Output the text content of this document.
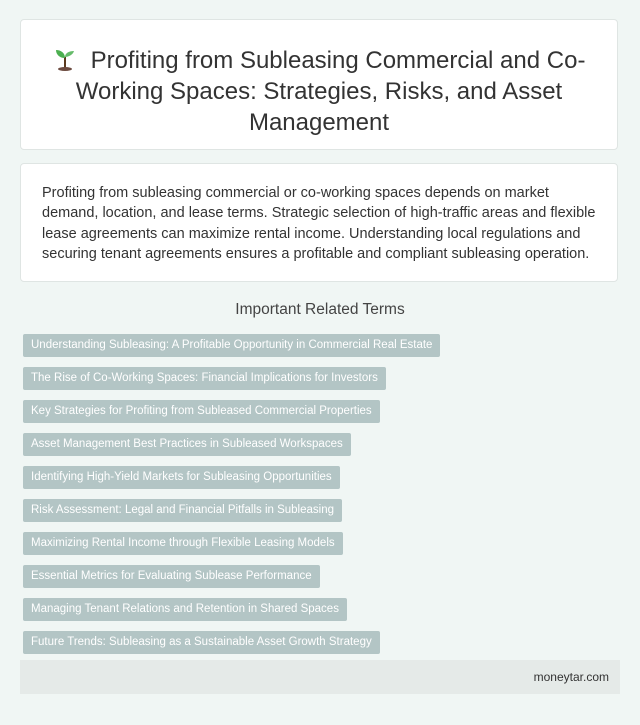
Profiting from Subleasing Commercial and Co-Working Spaces: Strategies, Risks, and Asset Management

Profiting from subleasing commercial or co-working spaces depends on market demand, location, and lease terms. Strategic selection of high-traffic areas and flexible lease agreements can maximize rental income. Understanding local regulations and securing tenant agreements ensures a profitable and compliant subleasing operation.

Important Related Terms
Understanding Subleasing: A Profitable Opportunity in Commercial Real Estate
The Rise of Co-Working Spaces: Financial Implications for Investors
Key Strategies for Profiting from Subleased Commercial Properties
Asset Management Best Practices in Subleased Workspaces
Identifying High-Yield Markets for Subleasing Opportunities
Risk Assessment: Legal and Financial Pitfalls in Subleasing
Maximizing Rental Income through Flexible Leasing Models
Essential Metrics for Evaluating Sublease Performance
Managing Tenant Relations and Retention in Shared Spaces
Future Trends: Subleasing as a Sustainable Asset Growth Strategy
moneytar.com
